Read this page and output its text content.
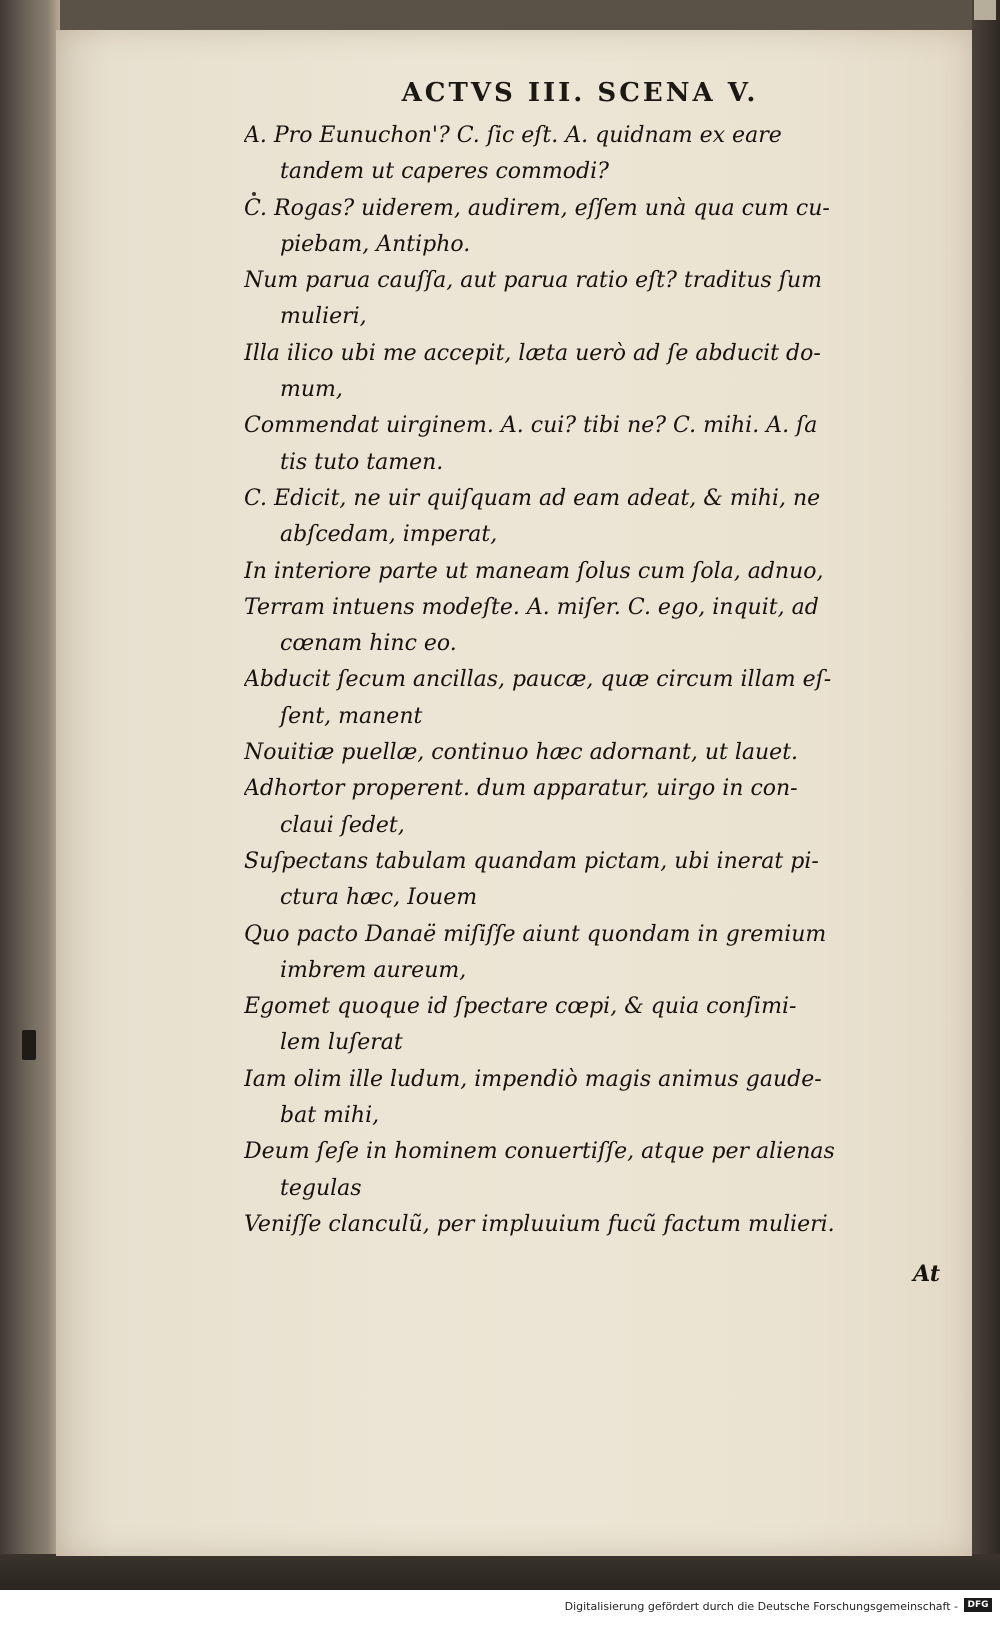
ACTVS III. SCENA V.
A. Pro Eunuchon'? C. ſic eſt. A. quidnam ex eare
tandem ut caperes commodi?
C. Rogas? uiderem, audirem, eſſem unà qua cum cu-
piebam, Antipho.
Num parua cauſſa, aut parua ratio eſt? traditus ſum
mulieri,
Illa ilico ubi me accepit, læta uerò ad ſe abducit do-
mum,
Commendat uirginem. A. cui? tibi ne? C. mihi. A. ſa
tis tuto tamen.
C. Edicit, ne uir quiſquam ad eam adeat, & mihi, ne
abſcedam, imperat,
In interiore parte ut maneam ſolus cum ſola, adnuo,
Terram intuens modeſte. A. miſer. C. ego, inquit, ad
cœnam hinc eo.
Abducit ſecum ancillas, paucæ, quæ circum illam eſ-
ſent, manent
Nouitiæ puellæ, continuo hæc adornant, ut lauet.
Adhortor properent. dum apparatur, uirgo in con-
claui ſedet,
Suſpectans tabulam quandam pictam, ubi inerat pi-
ctura hæc, Iouem
Quo pacto Danaë miſiſſe aiunt quondam in gremium
imbrem aureum,
Egomet quoque id ſpectare cœpi, & quia conſimi-
lem luſerat
Iam olim ille ludum, impendiò magis animus gaude-
bat mihi,
Deum ſeſe in hominem conuertiſſe, atque per alienas
tegulas
Veniſſe clanculũ, per impluuium fucũ factum mulieri.
At
Digitalisierung gefördert durch die Deutsche Forschungsgemeinschaft -	DFG
